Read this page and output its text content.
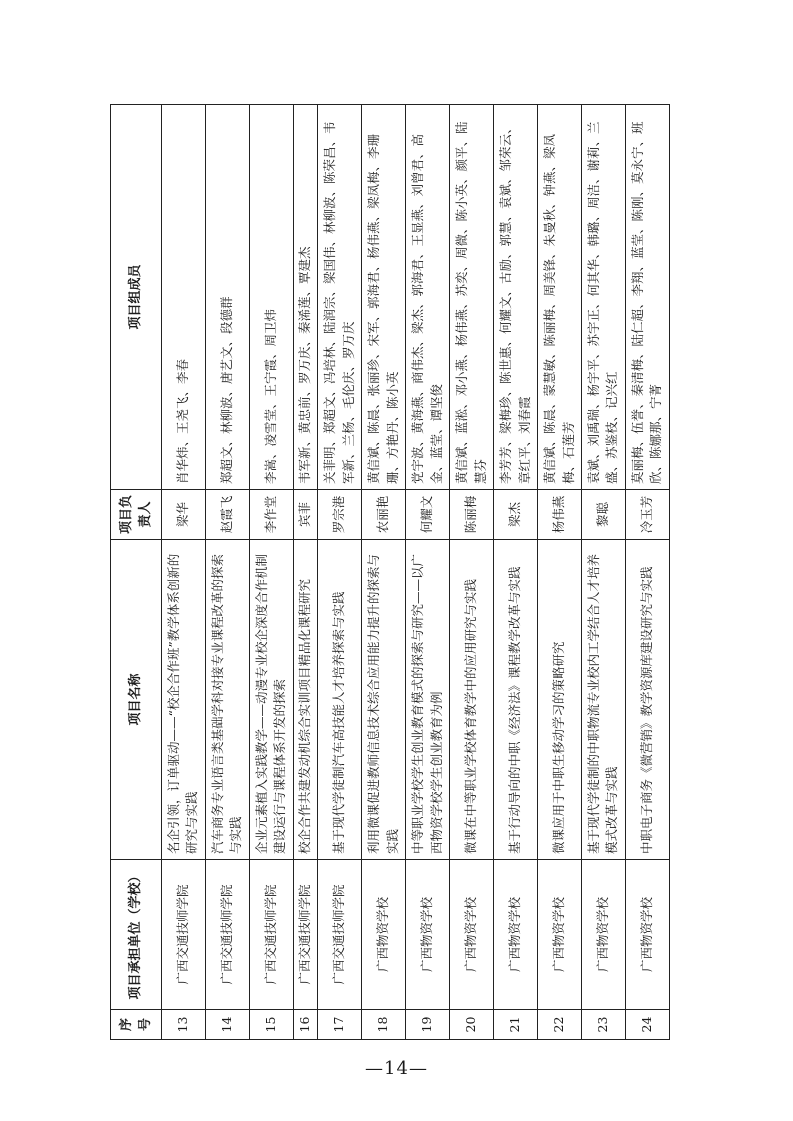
序号	项目承担单位（学校）	项目名称	项目负责人	项目组成员
13	广西交通技师学院	名企引领，订单驱动——“校企合作班”教学体系创新的研究与实践	梁华	肖华炜、王尧飞、李春
14	广西交通技师学院	汽车商务专业语言类基础学科对接专业课程改革的探索与实践	赵霞飞	郑超文、林柳波、唐艺文、段德群
15	广西交通技师学院	企业元素植入实践教学——动漫专业校企深度合作机制建设运行与课程体系开发的探索	李作堂	李嵩、凌雪莹、王宁霞、周卫炜
16	广西交通技师学院	校企合作共建发动机综合实训项目精品化课程研究	宾菲	韦军新、黄忠前、罗万庆、秦浠莲、覃建杰
17	广西交通技师学院	基于现代学徒制汽车高技能人才培养探索与实践	罗宗港	关菲明、郑超文、冯培林、陆润宗、梁国伟、林柳波、陈荣昌、韦军新、兰杨、毛伦庆、罗万庆
18	广西物资学校	利用微课促进教师信息技术综合应用能力提升的探索与实践	农丽艳	黄信斌、陈晨、张丽珍、宋军、郭海君、杨伟燕、梁凤梅、李珊珊、方艳丹、陈小英
19	广西物资学校	中等职业学校学生创业教育模式的探索与研究——以广西物资学校学生创业教育为例	何耀文	党宇波、黄海燕、商伟杰、梁杰、郭海君、王显燕、刘曾君、高金、蓝莹、谭坚俊
20	广西物资学校	微课在中等职业学校体育教学中的应用研究与实践	陈丽梅	黄信斌、蓝淞、邓小燕、杨伟燕、苏奕、周微、陈小英、颜平、陆慧芬
21	广西物资学校	基于行动导向的中职《经济法》课程教学改革与实践	梁杰	李芳芳、梁梅珍、陈世惠、何耀文、古励、郭慧、袁斌、邹荣云、章红平、刘春霞
22	广西物资学校	微课应用于中职生移动学习的策略研究	杨伟燕	黄信斌、陈晨、蒙慧敏、陈丽梅、周美锋、朱曼秋、钟燕、梁凤梅、石莲芳
23	广西物资学校	基于现代学徒制的中职物流专业校内工学结合人才培养模式改革与实践	黎聪	袁斌、刘禹瑞、杨宇平、苏宇正、何其华、韩璐、周洁、谢莉、兰盛、苏鉴枝、记兴红
24	广西物资学校	中职电子商务《微营销》教学资源库建设研究与实践	冷玉芳	莫丽梅、伍誉、秦清梅、陆仁超、李翔、蓝莹、陈刚、莫永宁、班欣、陈娜那、宁菁
—14—
